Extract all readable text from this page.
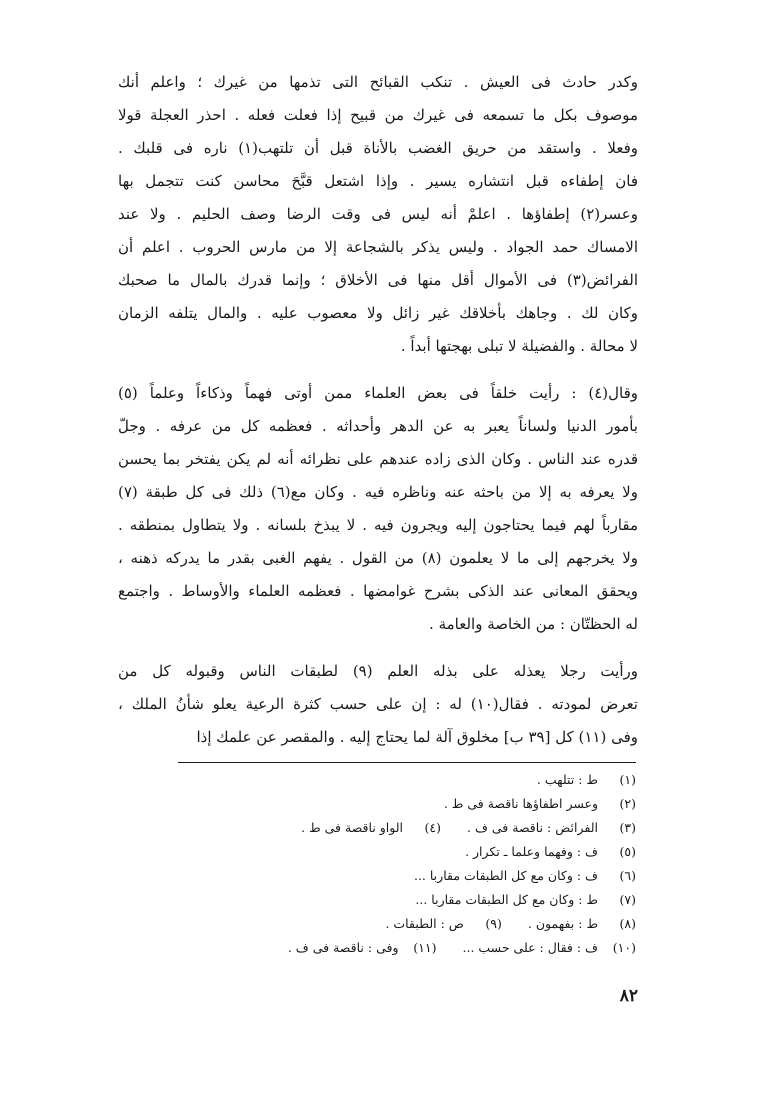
وكدر حادث فى العيش . تنكب القبائح التى تذمها من غيرك ؛ واعلم أنك
موصوف بكل ما تسمعه فى غيرك من قبيح إذا فعلت فعله . احذر العجلة قولا
وفعلا . واستقد من حريق الغضب بالأناة قبل أن تلتهب(١) ناره فى قلبك .
فان إطفاءه قبل انتشاره يسير . وإذا اشتعل قبَّحَ محاسن كنت تتجمل بها
وعسر(٢) إطفاؤها . اعلمْ أنه ليس فى وقت الرضا وصف الحليم . ولا عند
الامساك حمد الجواد . وليس يذكر بالشجاعة إلا من مارس الحروب . اعلم أن
الفرائض(٣) فى الأموال أقل منها فى الأخلاق ؛ وإنما قدرك بالمال ما صحبك
وكان لك . وجاهك بأخلاقك غير زائل ولا معصوب عليه . والمال يتلفه الزمان
لا محالة . والفضيلة لا تبلى بهجتها أبداً .
وقال(٤) : رأيت خلقاً فى بعض العلماء ممن أوتى فهماً وذكاءاً وعلماً (٥)
بأمور الدنيا ولساناً يعبر به عن الدهر وأحداثه . فعظمه كل من عرفه . وجلّ
قدره عند الناس . وكان الذى زاده عندهم على نظرائه أنه لم يكن يفتخر بما يحسن
ولا يعرفه به إلا من باحثه عنه وناظره فيه . وكان مع(٦) ذلك فى كل طبقة (٧)
مقارباً لهم فيما يحتاجون إليه ويجرون فيه . لا يبذخ بلسانه . ولا يتطاول بمنطقه .
ولا يخرجهم إلى ما لا يعلمون (٨) من القول . يفهم الغبى بقدر ما يدركه ذهنه ،
ويحقق المعانى عند الذكى بشرح غوامضها . فعظمه العلماء والأوساط . واجتمع
له الحظتّان : من الخاصة والعامة .
ورأيت رجلا يعذله على بذله العلم (٩) لطبقات الناس وقبوله كل من
تعرض لمودته . فقال(١٠) له : إن على حسب كثرة الرعية يعلو شأنُ الملك ،
وفى (١١) كل [٣٩ ب] مخلوق آلة لما يحتاج إليه . والمقصر عن علمك إذا
(١)ط : تتلهب .
(٢)وعسر اطفاؤها ناقصة فى ط .
(٣)الفرائض : ناقصة فى ف .(٤)الواو ناقصة فى ط .
(٥)ف : وفهما وعلما ـ تكرار .
(٦)ف : وكان مع كل الطبقات مقاربا ...
(٧)ط : وكان مع كل الطبقات مقاربا ...
(٨)ط : بفهمون .(٩)ص : الطبقات .
(١٠)ف : فقال : على حسب ...(١١)وفى : ناقصة فى ف .
٨٢
